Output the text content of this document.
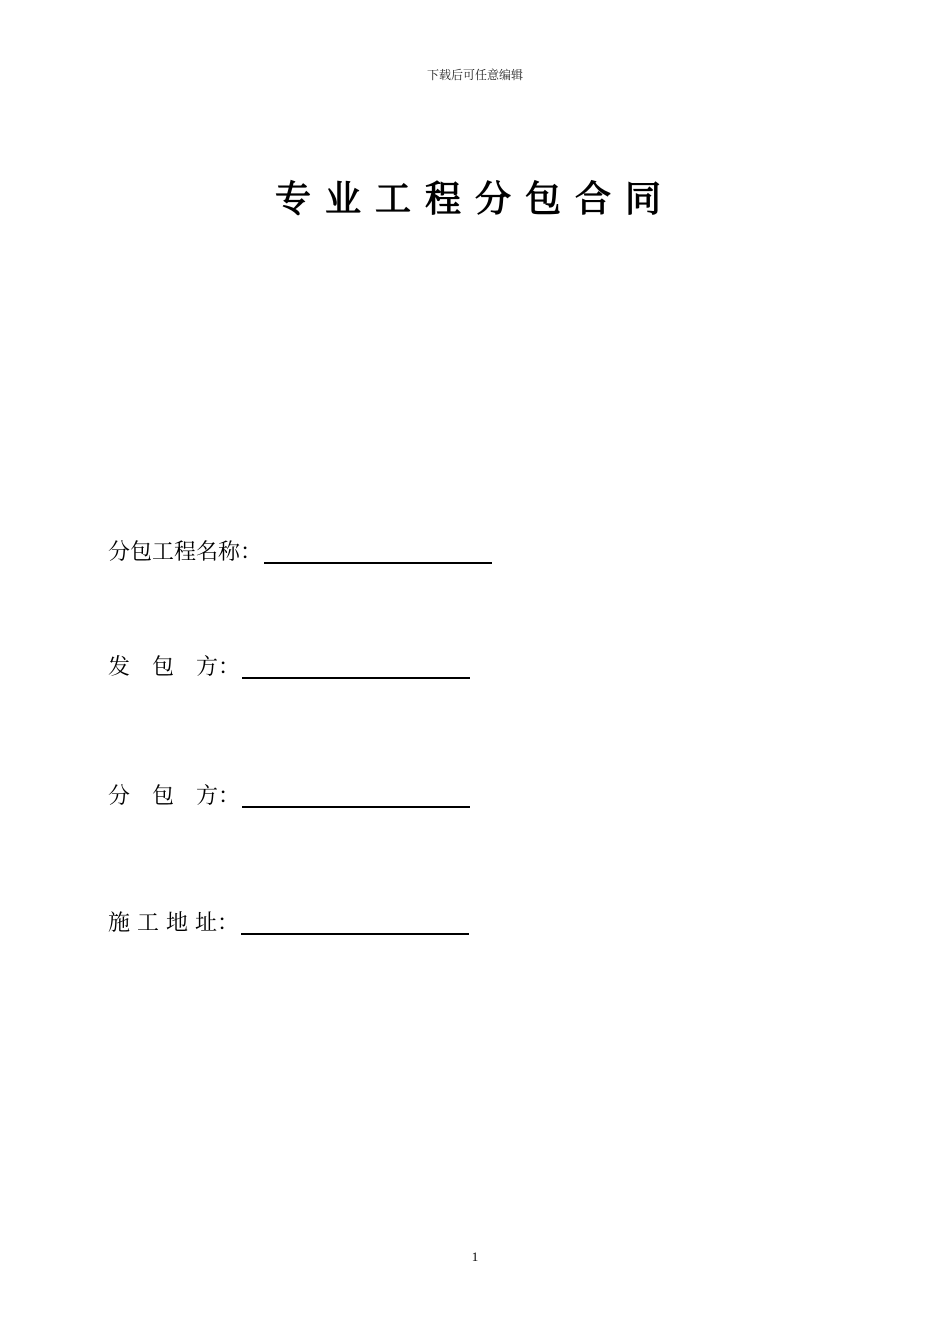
下载后可任意编辑
专业工程分包合同
分包工程名称：
发　包　方：
分　包　方：
施 工 地 址：
1
